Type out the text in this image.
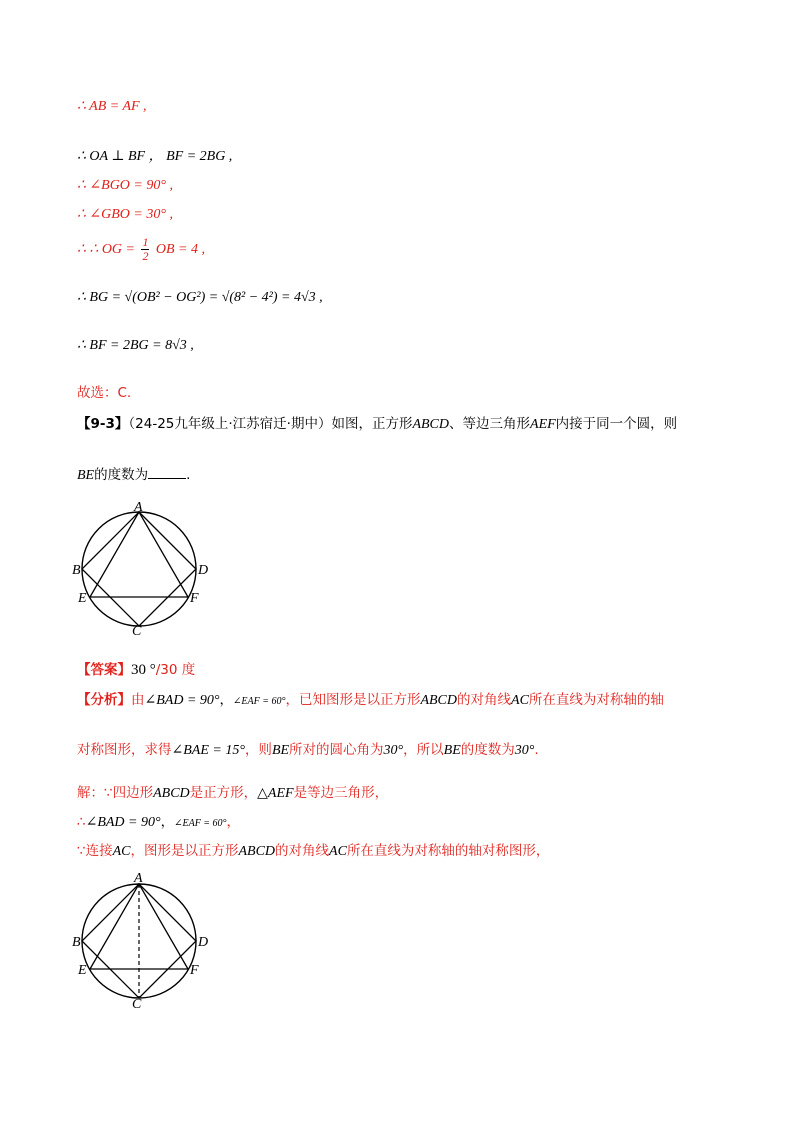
∴ AB = AF ,
∴ OA ⊥ BF ， BF = 2BG ,
∴ ∠BGO = 90° ,
∴ ∠GBO = 30° ,
∴ ∴ OG = $\frac{1}{2}$ OB = 4 ,
∴ BG = √(OB² − OG²) = √(8² − 4²) = 4√3 ,
∴ BF = 2BG = 8√3 ,
故选：C.
【9-3】（24-25九年级上·江苏宿迁·期中）如图，正方形ABCD、等边三角形AEF内接于同一个圆，则
BE的度数为	.
A
B	D
E	F
C
【答案】30 °/30 度
【分析】由∠BAD = 90°，∠EAF = 60°，已知图形是以正方形ABCD的对角线AC所在直线为对称轴的轴
对称图形，求得∠BAE = 15°，则BE所对的圆心角为30°，所以BE的度数为30°.
解：∵四边形ABCD是正方形，△AEF是等边三角形，
∴∠BAD = 90°，∠EAF = 60°，
∵连接AC，图形是以正方形ABCD的对角线AC所在直线为对称轴的轴对称图形，
A
B	D
E	F
C
